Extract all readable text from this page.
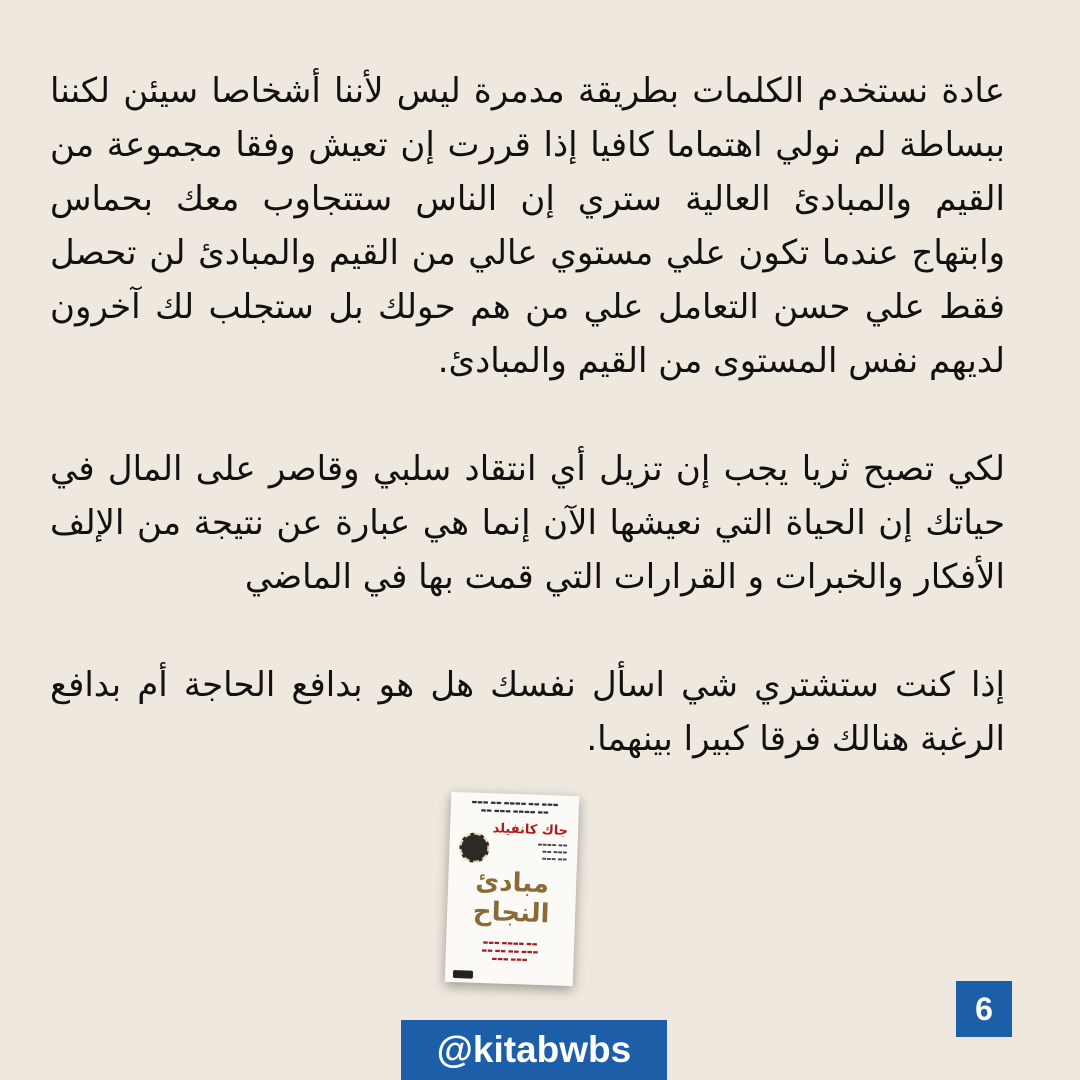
عادة نستخدم الكلمات بطريقة مدمرة ليس لأننا أشخاصا سيئن لكننا ببساطة لم نولي اهتماما كافيا إذا قررت إن تعيش وفقا مجموعة من القيم والمبادئ العالية ستري إن الناس ستتجاوب معك بحماس وابتهاج عندما تكون علي مستوي عالي من القيم والمبادئ لن تحصل فقط علي حسن التعامل علي من هم حولك بل ستجلب لك آخرون لديهم نفس المستوى من القيم والمبادئ.

لكي تصبح ثريا يجب إن تزيل أي انتقاد سلبي وقاصر على المال في حياتك إن الحياة التي نعيشها الآن إنما هي عبارة عن نتيجة من الإلف الأفكار والخبرات و القرارات التي قمت بها في الماضي

إذا كنت ستشتري شي اسأل نفسك هل هو بدافع الحاجة أم بدافع الرغبة هنالك فرقا كبيرا بينهما.

▬▬▬ ▬▬ ▬▬▬▬ ▬▬ ▬▬▬
▬▬ ▬▬▬▬ ▬▬▬ ▬▬
جاك كانفيلد
▬▬ ▬▬▬▬
▬▬▬ ▬▬
▬▬ ▬▬▬
مبادئ
النجاح
▬▬ ▬▬▬▬ ▬▬▬
▬▬▬ ▬▬ ▬▬ ▬▬
▬▬▬ ▬▬▬
6
@kitabwbs
